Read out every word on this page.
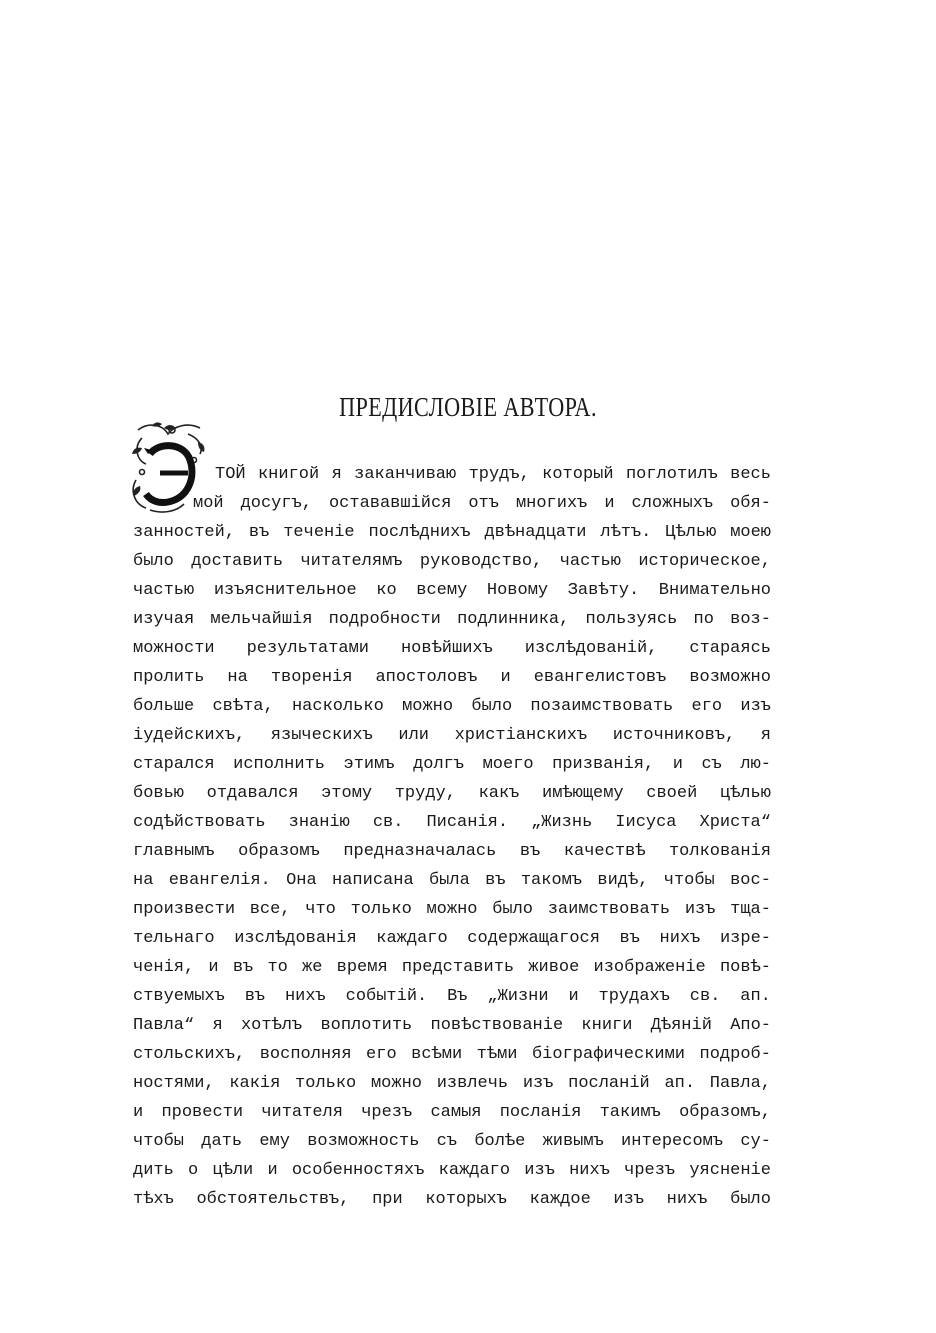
ПРЕДИСЛОВІЕ АВТОРА.
ТОЙ книгой я заканчиваю трудъ, который поглотилъ весь
мой досугъ, остававшійся отъ многихъ и сложныхъ обя-
занностей, въ теченіе послѣднихъ двѣнадцати лѣтъ. Цѣлью моею
было доставить читателямъ руководство, частью историческое,
частью изъяснительное ко всему Новому Завѣту. Внимательно
изучая мельчайшія подробности подлинника, пользуясь по воз-
можности результатами новѣйшихъ изслѣдованій, стараясь
пролить на творенія апостоловъ и евангелистовъ возможно
больше свѣта, насколько можно было позаимствовать его изъ
іудейскихъ, языческихъ или христіанскихъ источниковъ, я
старался исполнить этимъ долгъ моего призванія, и съ лю-
бовью отдавался этому труду, какъ имѣющему своей цѣлью
содѣйствовать знанію св. Писанія. „Жизнь Іисуса Христа“
главнымъ образомъ предназначалась въ качествѣ толкованія
на евангелія. Она написана была въ такомъ видѣ, чтобы вос-
произвести все, что только можно было заимствовать изъ тща-
тельнаго изслѣдованія каждаго содержащагося въ нихъ изре-
ченія, и въ то же время представить живое изображеніе повѣ-
ствуемыхъ въ нихъ событій. Въ „Жизни и трудахъ св. ап.
Павла“ я хотѣлъ воплотить повѣствованіе книги Дѣяній Апо-
стольскихъ, восполняя его всѣми тѣми біографическими подроб-
ностями, какія только можно извлечь изъ посланій ап. Павла,
и провести читателя чрезъ самыя посланія такимъ образомъ,
чтобы дать ему возможность съ болѣе живымъ интересомъ су-
дить о цѣли и особенностяхъ каждаго изъ нихъ чрезъ уясненіе
тѣхъ обстоятельствъ, при которыхъ каждое изъ нихъ было
